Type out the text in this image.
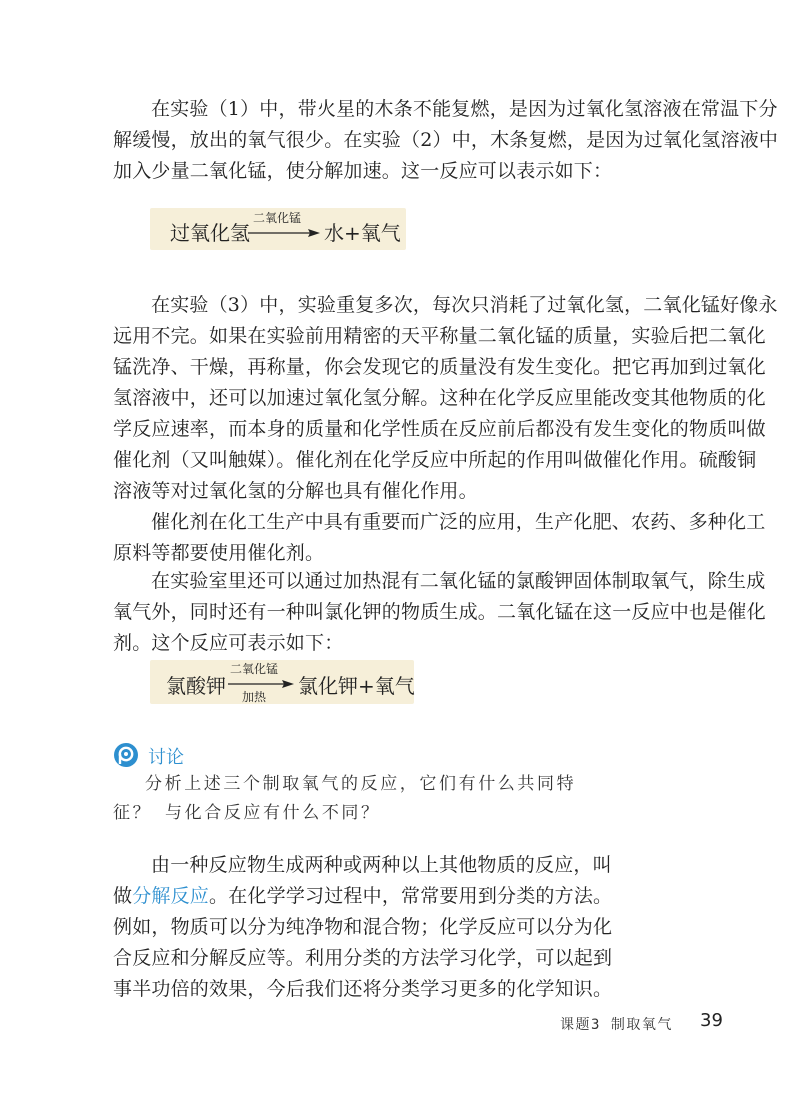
在实验（1）中，带火星的木条不能复燃，是因为过氧化氢溶液在常温下分
解缓慢，放出的氧气很少。在实验（2）中，木条复燃，是因为过氧化氢溶液中
加入少量二氧化锰，使分解加速。这一反应可以表示如下：

过氧化氢
二氧化锰
水+氧气

在实验（3）中，实验重复多次，每次只消耗了过氧化氢，二氧化锰好像永
远用不完。如果在实验前用精密的天平称量二氧化锰的质量，实验后把二氧化
锰洗净、干燥，再称量，你会发现它的质量没有发生变化。把它再加到过氧化
氢溶液中，还可以加速过氧化氢分解。这种在化学反应里能改变其他物质的化
学反应速率，而本身的质量和化学性质在反应前后都没有发生变化的物质叫做
催化剂（又叫触媒）。催化剂在化学反应中所起的作用叫做催化作用。硫酸铜
溶液等对过氧化氢的分解也具有催化作用。

催化剂在化工生产中具有重要而广泛的应用，生产化肥、农药、多种化工
原料等都要使用催化剂。

在实验室里还可以通过加热混有二氧化锰的氯酸钾固体制取氧气，除生成
氧气外，同时还有一种叫氯化钾的物质生成。二氧化锰在这一反应中也是催化
剂。这个反应可表示如下：

氯酸钾
二氧化锰
加热 氯化钾+氧气
讨论

分析上述三个制取氧气的反应，它们有什么共同特
征？ 与化合反应有什么不同？

由一种反应物生成两种或两种以上其他物质的反应，叫
做分解反应。在化学学习过程中，常常要用到分类的方法。
例如，物质可以分为纯净物和混合物；化学反应可以分为化
合反应和分解反应等。利用分类的方法学习化学，可以起到
事半功倍的效果，今后我们还将分类学习更多的化学知识。

课题3 制取氧气 39
